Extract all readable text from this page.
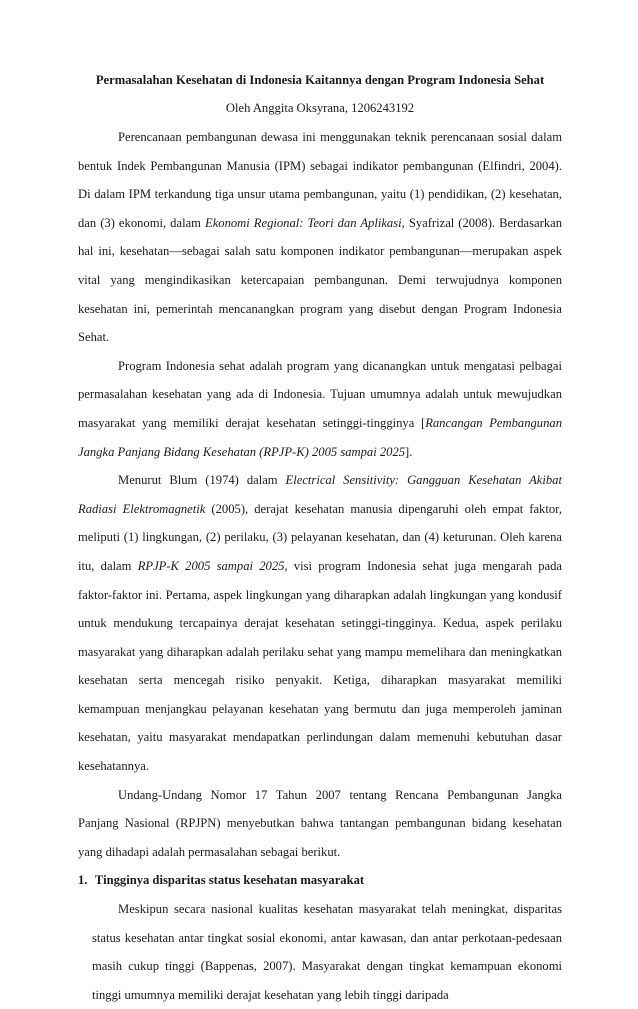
Permasalahan Kesehatan di Indonesia Kaitannya dengan Program Indonesia Sehat

Oleh Anggita Oksyrana, 1206243192

Perencanaan pembangunan dewasa ini menggunakan teknik perencanaan sosial dalam bentuk Indek Pembangunan Manusia (IPM) sebagai indikator pembangunan (Elfindri, 2004). Di dalam IPM terkandung tiga unsur utama pembangunan, yaitu (1) pendidikan, (2) kesehatan, dan (3) ekonomi, dalam Ekonomi Regional: Teori dan Aplikasi, Syafrizal (2008). Berdasarkan hal ini, kesehatan—sebagai salah satu komponen indikator pembangunan—merupakan aspek vital yang mengindikasikan ketercapaian pembangunan. Demi terwujudnya komponen kesehatan ini, pemerintah mencanangkan program yang disebut dengan Program Indonesia Sehat.

Program Indonesia sehat adalah program yang dicanangkan untuk mengatasi pelbagai permasalahan kesehatan yang ada di Indonesia. Tujuan umumnya adalah untuk mewujudkan masyarakat yang memiliki derajat kesehatan setinggi-tingginya [Rancangan Pembangunan Jangka Panjang Bidang Kesehatan (RPJP-K) 2005 sampai 2025].

Menurut Blum (1974) dalam Electrical Sensitivity: Gangguan Kesehatan Akibat Radiasi Elektromagnetik (2005), derajat kesehatan manusia dipengaruhi oleh empat faktor, meliputi (1) lingkungan, (2) perilaku, (3) pelayanan kesehatan, dan (4) keturunan. Oleh karena itu, dalam RPJP-K 2005 sampai 2025, visi program Indonesia sehat juga mengarah pada faktor-faktor ini. Pertama, aspek lingkungan yang diharapkan adalah lingkungan yang kondusif untuk mendukung tercapainya derajat kesehatan setinggi-tingginya. Kedua, aspek perilaku masyarakat yang diharapkan adalah perilaku sehat yang mampu memelihara dan meningkatkan kesehatan serta mencegah risiko penyakit. Ketiga, diharapkan masyarakat memiliki kemampuan menjangkau pelayanan kesehatan yang bermutu dan juga memperoleh jaminan kesehatan, yaitu masyarakat mendapatkan perlindungan dalam memenuhi kebutuhan dasar kesehatannya.

Undang-Undang Nomor 17 Tahun 2007 tentang Rencana Pembangunan Jangka Panjang Nasional (RPJPN) menyebutkan bahwa tantangan pembangunan bidang kesehatan yang dihadapi adalah permasalahan sebagai berikut.

1. Tingginya disparitas status kesehatan masyarakat

Meskipun secara nasional kualitas kesehatan masyarakat telah meningkat, disparitas status kesehatan antar tingkat sosial ekonomi, antar kawasan, dan antar perkotaan-pedesaan masih cukup tinggi (Bappenas, 2007). Masyarakat dengan tingkat kemampuan ekonomi tinggi umumnya memiliki derajat kesehatan yang lebih tinggi daripada
